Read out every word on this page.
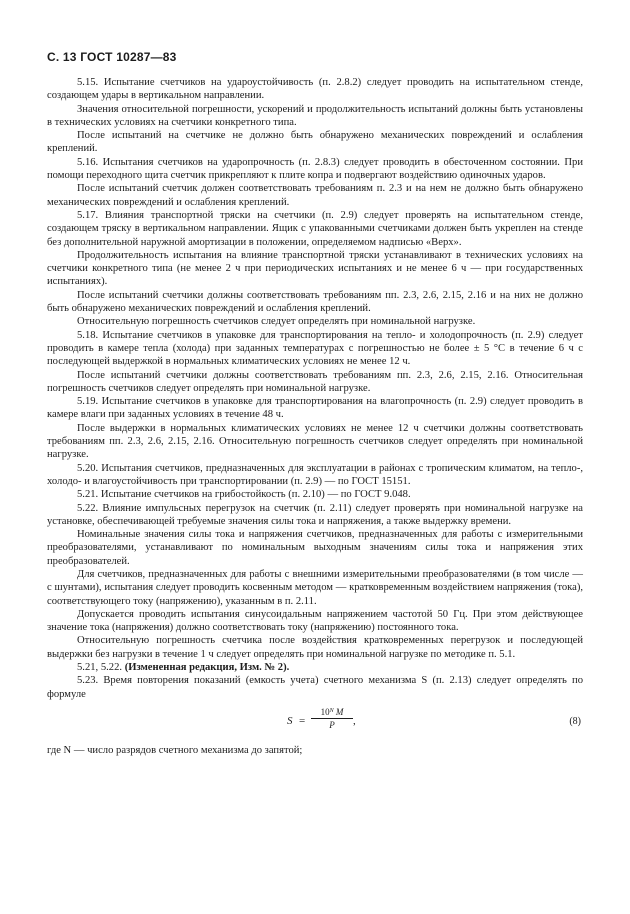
С. 13 ГОСТ 10287—83

5.15. Испытание счетчиков на удароустойчивость (п. 2.8.2) следует проводить на испытательном стенде, создающем удары в вертикальном направлении.

Значения относительной погрешности, ускорений и продолжительность испытаний должны быть установлены в технических условиях на счетчики конкретного типа.

После испытаний на счетчике не должно быть обнаружено механических повреждений и ослабления креплений.

5.16. Испытания счетчиков на ударопрочность (п. 2.8.3) следует проводить в обесточенном состоянии. При помощи переходного щита счетчик прикрепляют к плите копра и подвергают воздействию одиночных ударов.

После испытаний счетчик должен соответствовать требованиям п. 2.3 и на нем не должно быть обнаружено механических повреждений и ослабления креплений.

5.17. Влияния транспортной тряски на счетчики (п. 2.9) следует проверять на испытательном стенде, создающем тряску в вертикальном направлении. Ящик с упакованными счетчиками должен быть укреплен на стенде без дополнительной наружной амортизации в положении, определяемом надписью «Верх».

Продолжительность испытания на влияние транспортной тряски устанавливают в технических условиях на счетчики конкретного типа (не менее 2 ч при периодических испытаниях и не менее 6 ч — при государственных испытаниях).

После испытаний счетчики должны соответствовать требованиям пп. 2.3, 2.6, 2.15, 2.16 и на них не должно быть обнаружено механических повреждений и ослабления креплений.

Относительную погрешность счетчиков следует определять при номинальной нагрузке.

5.18. Испытание счетчиков в упаковке для транспортирования на тепло- и холодопрочность (п. 2.9) следует проводить в камере тепла (холода) при заданных температурах с погрешностью не более ± 5 °С в течение 6 ч с последующей выдержкой в нормальных климатических условиях не менее 12 ч.

После испытаний счетчики должны соответствовать требованиям пп. 2.3, 2.6, 2.15, 2.16. Относительная погрешность счетчиков следует определять при номинальной нагрузке.

5.19. Испытание счетчиков в упаковке для транспортирования на влагопрочность (п. 2.9) следует проводить в камере влаги при заданных условиях в течение 48 ч.

После выдержки в нормальных климатических условиях не менее 12 ч счетчики должны соответствовать требованиям пп. 2.3, 2.6, 2.15, 2.16. Относительную погрешность счетчиков следует определять при номинальной нагрузке.

5.20. Испытания счетчиков, предназначенных для эксплуатации в районах с тропическим климатом, на тепло-, холодо- и влагоустойчивость при транспортировании (п. 2.9) — по ГОСТ 15151.

5.21. Испытание счетчиков на грибостойкость (п. 2.10) — по ГОСТ 9.048.

5.22. Влияние импульсных перегрузок на счетчик (п. 2.11) следует проверять при номинальной нагрузке на установке, обеспечивающей требуемые значения силы тока и напряжения, а также выдержку времени.

Номинальные значения силы тока и напряжения счетчиков, предназначенных для работы с измерительными преобразователями, устанавливают по номинальным выходным значениям силы тока и напряжения этих преобразователей.

Для счетчиков, предназначенных для работы с внешними измерительными преобразователями (в том числе — с шунтами), испытания следует проводить косвенным методом — кратковременным воздействием напряжения (тока), соответствующего току (напряжению), указанным в п. 2.11.

Допускается проводить испытания синусоидальным напряжением частотой 50 Гц. При этом действующее значение тока (напряжения) должно соответствовать току (напряжению) постоянного тока.

Относительную погрешность счетчика после воздействия кратковременных перегрузок и последующей выдержки без нагрузки в течение 1 ч следует определять при номинальной нагрузке по методике п. 5.1.

5.21, 5.22. (Измененная редакция, Изм. № 2).

5.23. Время повторения показаний (емкость учета) счетного механизма S (п. 2.13) следует определять по формуле

$S = \frac{10^N M}{P}$ ,	(8)

где N — число разрядов счетного механизма до запятой;
